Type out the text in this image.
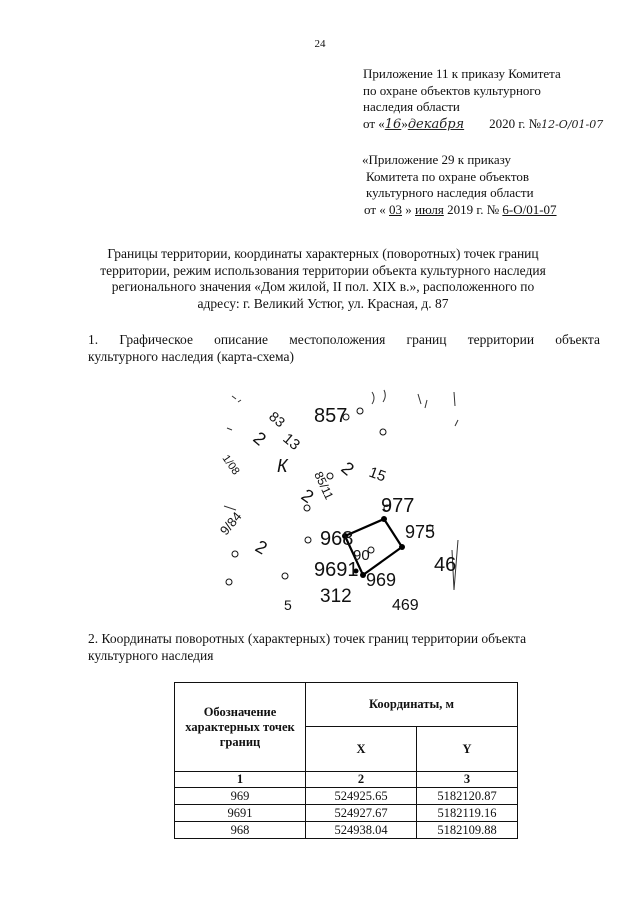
24
Приложение 11 к приказу Комитета
по охране объектов культурного
наследия области
от «16»декабря 2020 г. №12-О/01-07
«Приложение 29 к приказу
Комитета по охране объектов
культурного наследия области
от « 03 » июля 2019 г. № 6-О/01-07
Границы территории, координаты характерных (поворотных) точек границ
территории, режим использования территории объекта культурного наследия
регионального значения «Дом жилой, II пол. XIX в.», расположенного по
адресу: г. Великий Устюг, ул. Красная, д. 87
1. Графическое описание местоположения границ территории объекта
культурного наследия (карта-схема)
857
83
13
2
1/08 К	15
85/11
2
2	977
975
9/84
2 968
90
9691 969
46
312	469
5
2. Координаты поворотных (характерных) точек границ территории объекта
культурного наследия
Обозначение характерных точек границ	Координаты, м	
	X	Y
1	2	3
969	524925.65	5182120.87
9691	524927.67	5182119.16
968	524938.04	5182109.88
